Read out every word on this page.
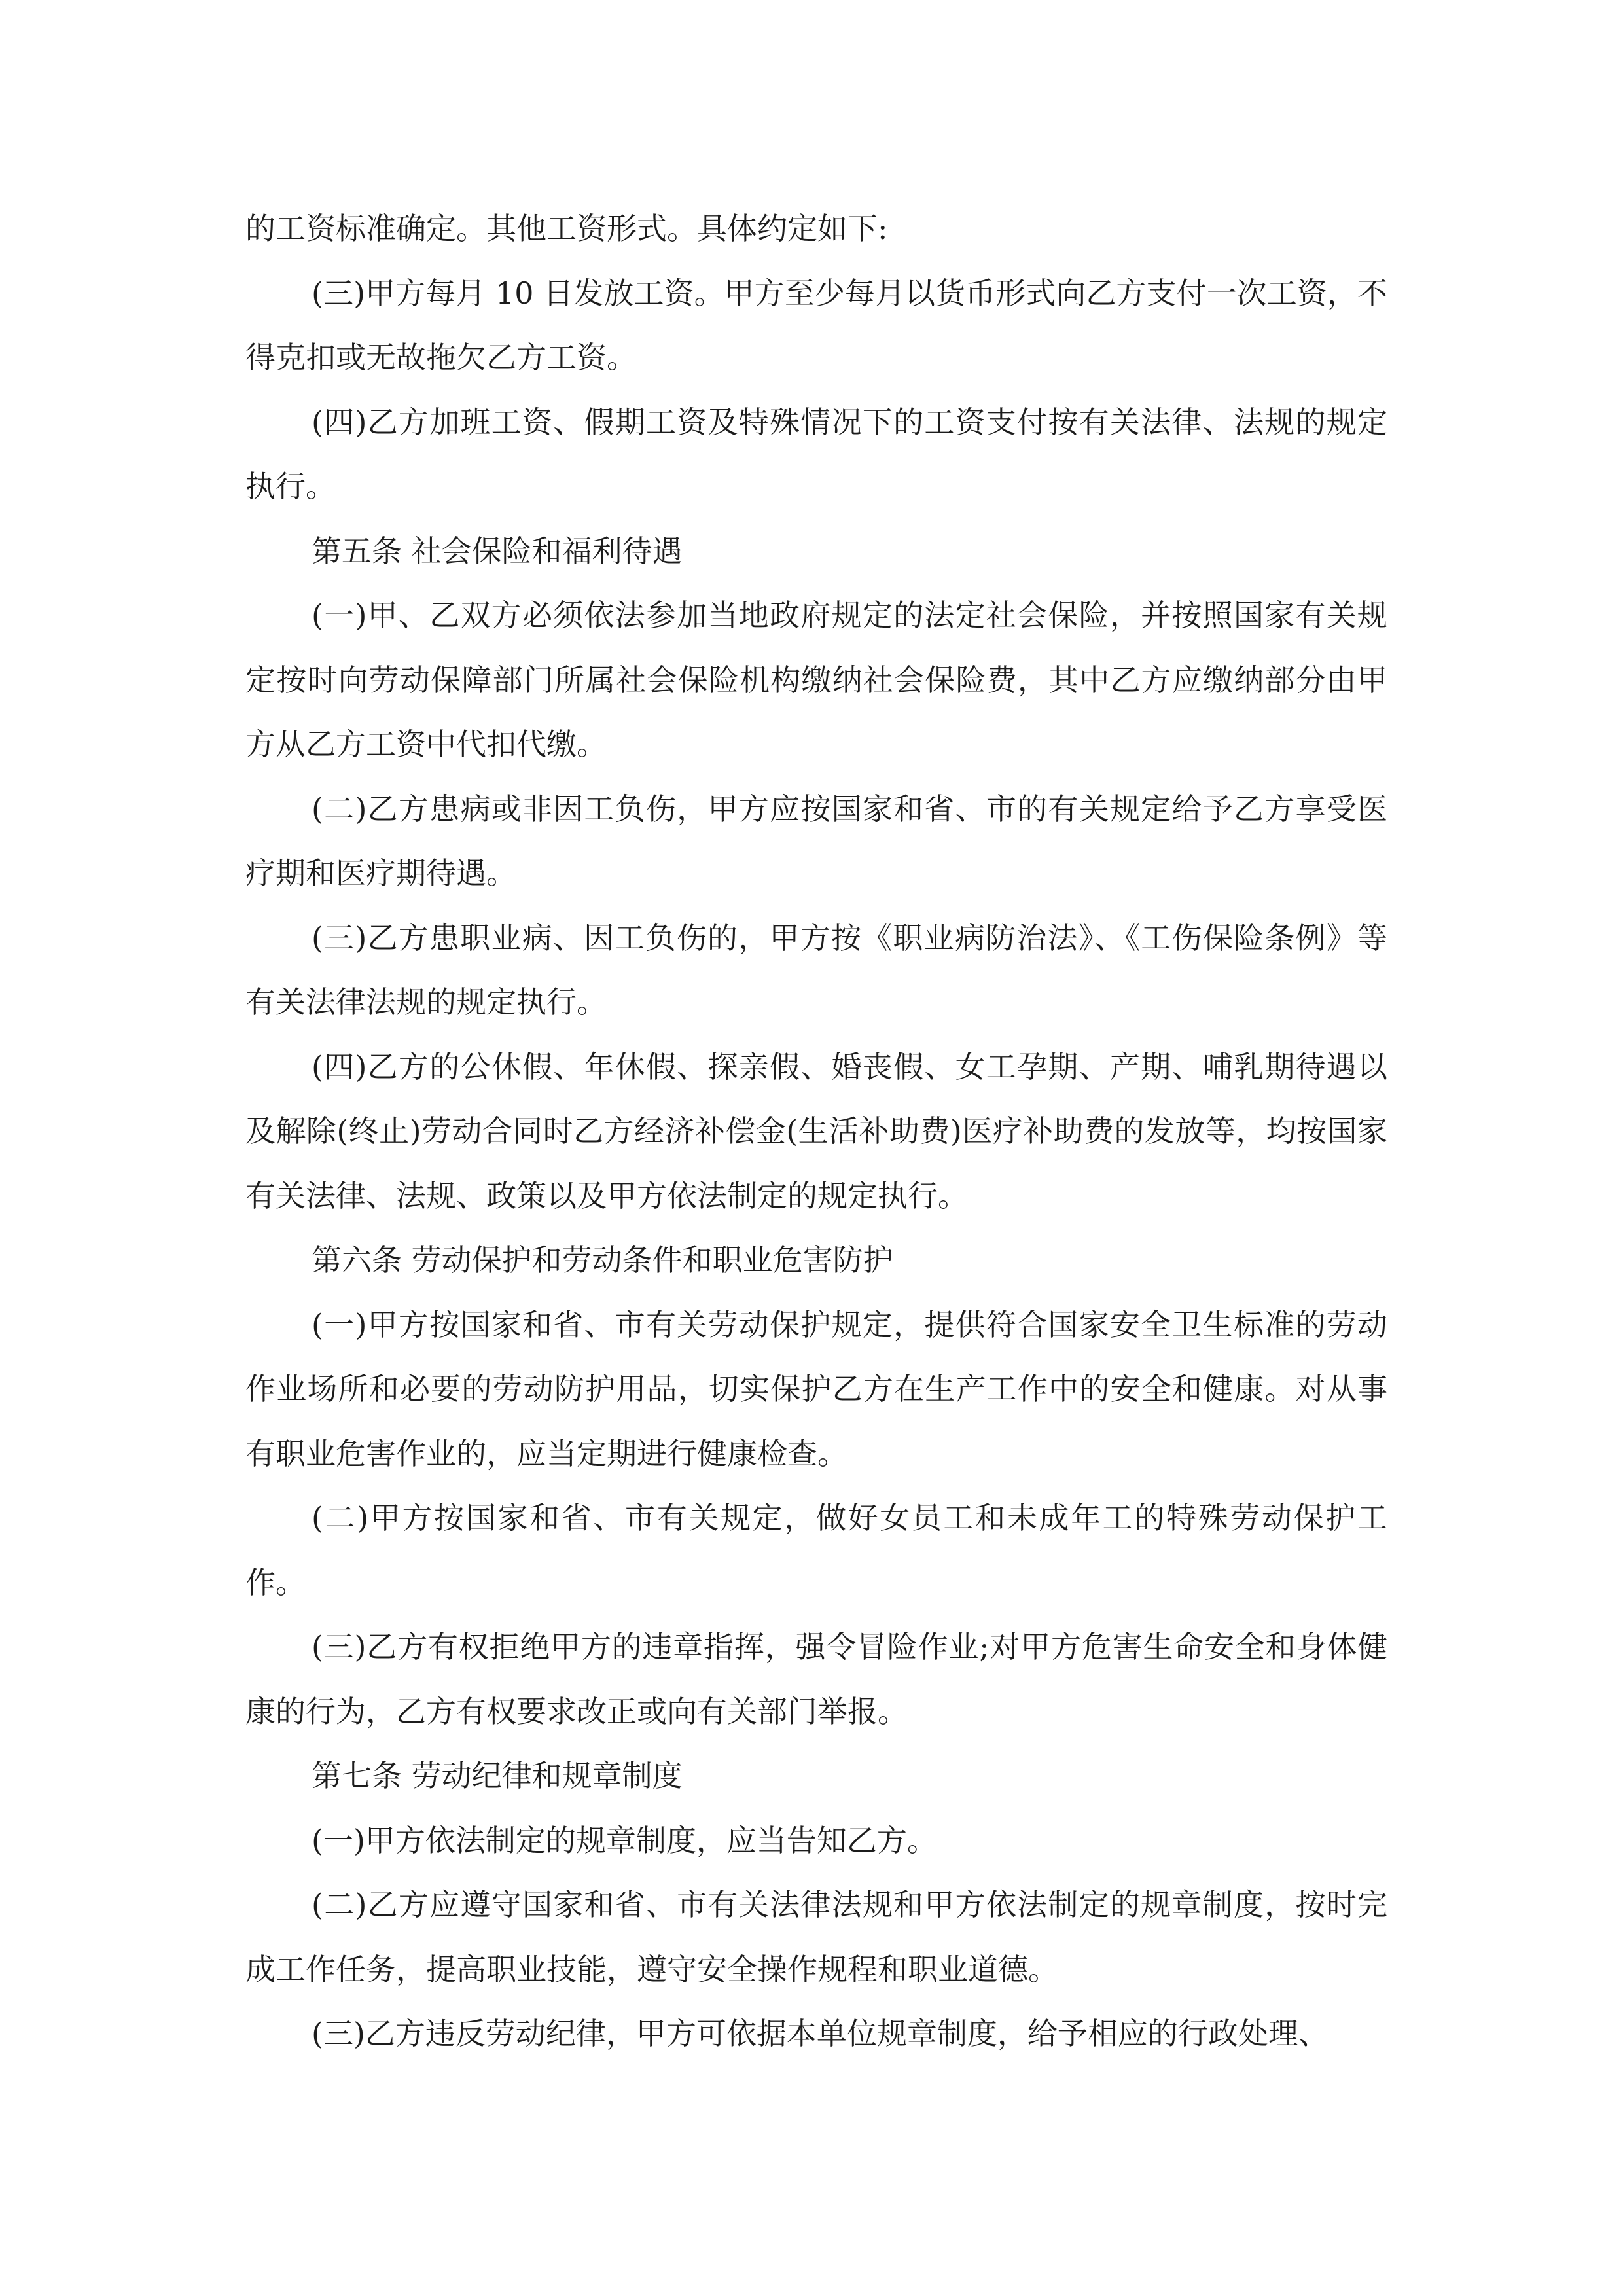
的工资标准确定。其他工资形式。具体约定如下:

(三)甲方每月 10 日发放工资。甲方至少每月以货币形式向乙方支付一次工资，不得克扣或无故拖欠乙方工资。

(四)乙方加班工资、假期工资及特殊情况下的工资支付按有关法律、法规的规定执行。

第五条 社会保险和福利待遇

(一)甲、乙双方必须依法参加当地政府规定的法定社会保险，并按照国家有关规定按时向劳动保障部门所属社会保险机构缴纳社会保险费，其中乙方应缴纳部分由甲方从乙方工资中代扣代缴。

(二)乙方患病或非因工负伤，甲方应按国家和省、市的有关规定给予乙方享受医疗期和医疗期待遇。

(三)乙方患职业病、因工负伤的，甲方按《职业病防治法》、《工伤保险条例》等有关法律法规的规定执行。

(四)乙方的公休假、年休假、探亲假、婚丧假、女工孕期、产期、哺乳期待遇以及解除(终止)劳动合同时乙方经济补偿金(生活补助费)医疗补助费的发放等，均按国家有关法律、法规、政策以及甲方依法制定的规定执行。

第六条 劳动保护和劳动条件和职业危害防护

(一)甲方按国家和省、市有关劳动保护规定，提供符合国家安全卫生标准的劳动作业场所和必要的劳动防护用品，切实保护乙方在生产工作中的安全和健康。对从事有职业危害作业的，应当定期进行健康检查。

(二)甲方按国家和省、市有关规定，做好女员工和未成年工的特殊劳动保护工作。

(三)乙方有权拒绝甲方的违章指挥，强令冒险作业;对甲方危害生命安全和身体健康的行为，乙方有权要求改正或向有关部门举报。

第七条 劳动纪律和规章制度

(一)甲方依法制定的规章制度，应当告知乙方。

(二)乙方应遵守国家和省、市有关法律法规和甲方依法制定的规章制度，按时完成工作任务，提高职业技能，遵守安全操作规程和职业道德。

(三)乙方违反劳动纪律，甲方可依据本单位规章制度，给予相应的行政处理、
